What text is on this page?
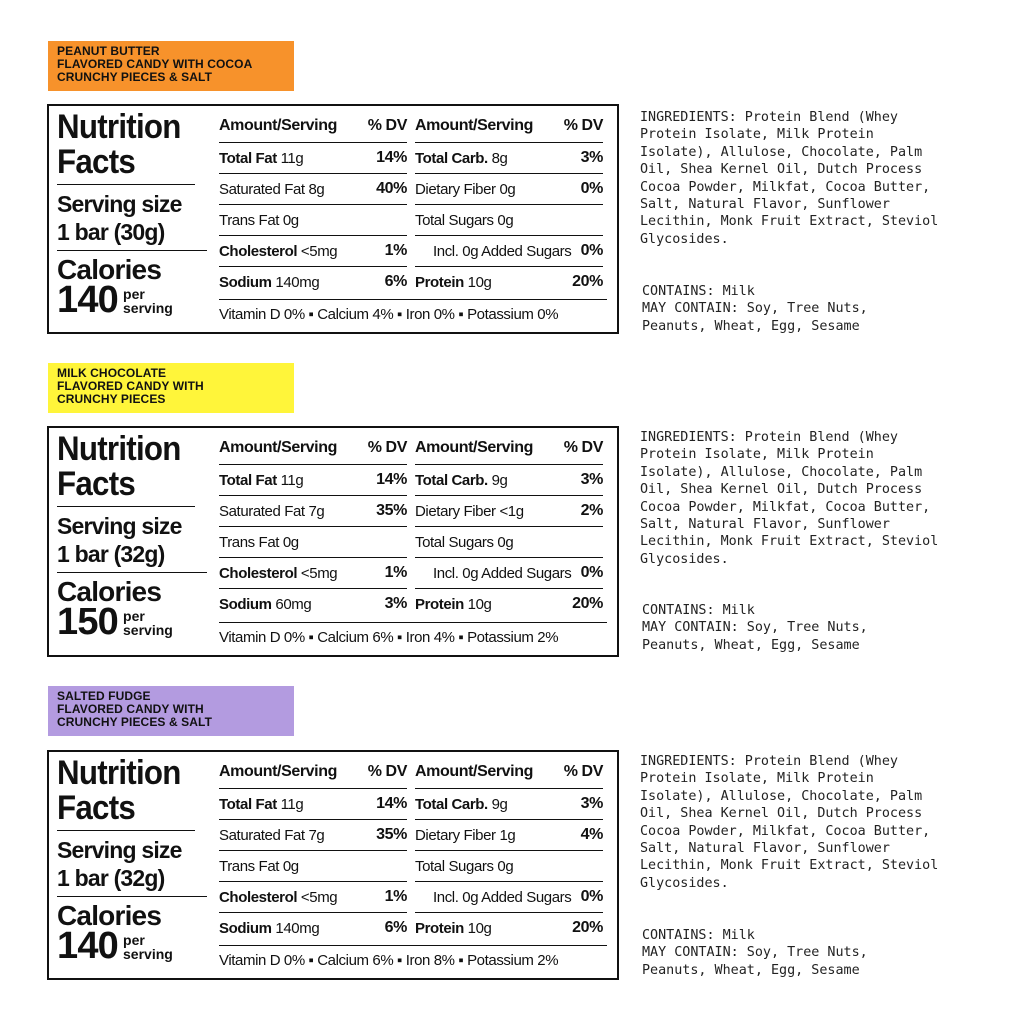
PEANUT BUTTER
FLAVORED CANDY WITH COCOA
CRUNCHY PIECES & SALT
Nutrition
Facts
Serving size
1 bar (30g)
Calories
140 per
serving
Amount/Serving % DV
Total Fat 11g	14%
Saturated Fat 8g	40%
Trans Fat 0g
Cholesterol <5mg	1%
Sodium 140mg	6%
Amount/Serving % DV
Total Carb. 8g	3%
Dietary Fiber 0g	0%
Total Sugars 0g
Incl. 0g Added Sugars 0%
Protein 10g	20%
Vitamin D 0% ▪ Calcium 4% ▪ Iron 0% ▪ Potassium 0%
INGREDIENTS: Protein Blend (Whey
Protein Isolate, Milk Protein
Isolate), Allulose, Chocolate, Palm
Oil, Shea Kernel Oil, Dutch Process
Cocoa Powder, Milkfat, Cocoa Butter,
Salt, Natural Flavor, Sunflower
Lecithin, Monk Fruit Extract, Steviol
Glycosides.
CONTAINS: Milk
MAY CONTAIN: Soy, Tree Nuts,
Peanuts, Wheat, Egg, Sesame
MILK CHOCOLATE
FLAVORED CANDY WITH
CRUNCHY PIECES
Nutrition
Facts
Serving size
1 bar (32g)
Calories
150 per
serving
Amount/Serving % DV
Total Fat 11g	14%
Saturated Fat 7g	35%
Trans Fat 0g
Cholesterol <5mg	1%
Sodium 60mg	3%
Amount/Serving % DV
Total Carb. 9g	3%
Dietary Fiber <1g	2%
Total Sugars 0g
Incl. 0g Added Sugars 0%
Protein 10g	20%
Vitamin D 0% ▪ Calcium 6% ▪ Iron 4% ▪ Potassium 2%
INGREDIENTS: Protein Blend (Whey
Protein Isolate, Milk Protein
Isolate), Allulose, Chocolate, Palm
Oil, Shea Kernel Oil, Dutch Process
Cocoa Powder, Milkfat, Cocoa Butter,
Salt, Natural Flavor, Sunflower
Lecithin, Monk Fruit Extract, Steviol
Glycosides.
CONTAINS: Milk
MAY CONTAIN: Soy, Tree Nuts,
Peanuts, Wheat, Egg, Sesame
SALTED FUDGE
FLAVORED CANDY WITH
CRUNCHY PIECES & SALT
Nutrition
Facts
Serving size
1 bar (32g)
Calories
140 per
serving
Amount/Serving % DV
Total Fat 11g	14%
Saturated Fat 7g	35%
Trans Fat 0g
Cholesterol <5mg	1%
Sodium 140mg	6%
Amount/Serving % DV
Total Carb. 9g	3%
Dietary Fiber 1g	4%
Total Sugars 0g
Incl. 0g Added Sugars 0%
Protein 10g	20%
Vitamin D 0% ▪ Calcium 6% ▪ Iron 8% ▪ Potassium 2%
INGREDIENTS: Protein Blend (Whey
Protein Isolate, Milk Protein
Isolate), Allulose, Chocolate, Palm
Oil, Shea Kernel Oil, Dutch Process
Cocoa Powder, Milkfat, Cocoa Butter,
Salt, Natural Flavor, Sunflower
Lecithin, Monk Fruit Extract, Steviol
Glycosides.
CONTAINS: Milk
MAY CONTAIN: Soy, Tree Nuts,
Peanuts, Wheat, Egg, Sesame
